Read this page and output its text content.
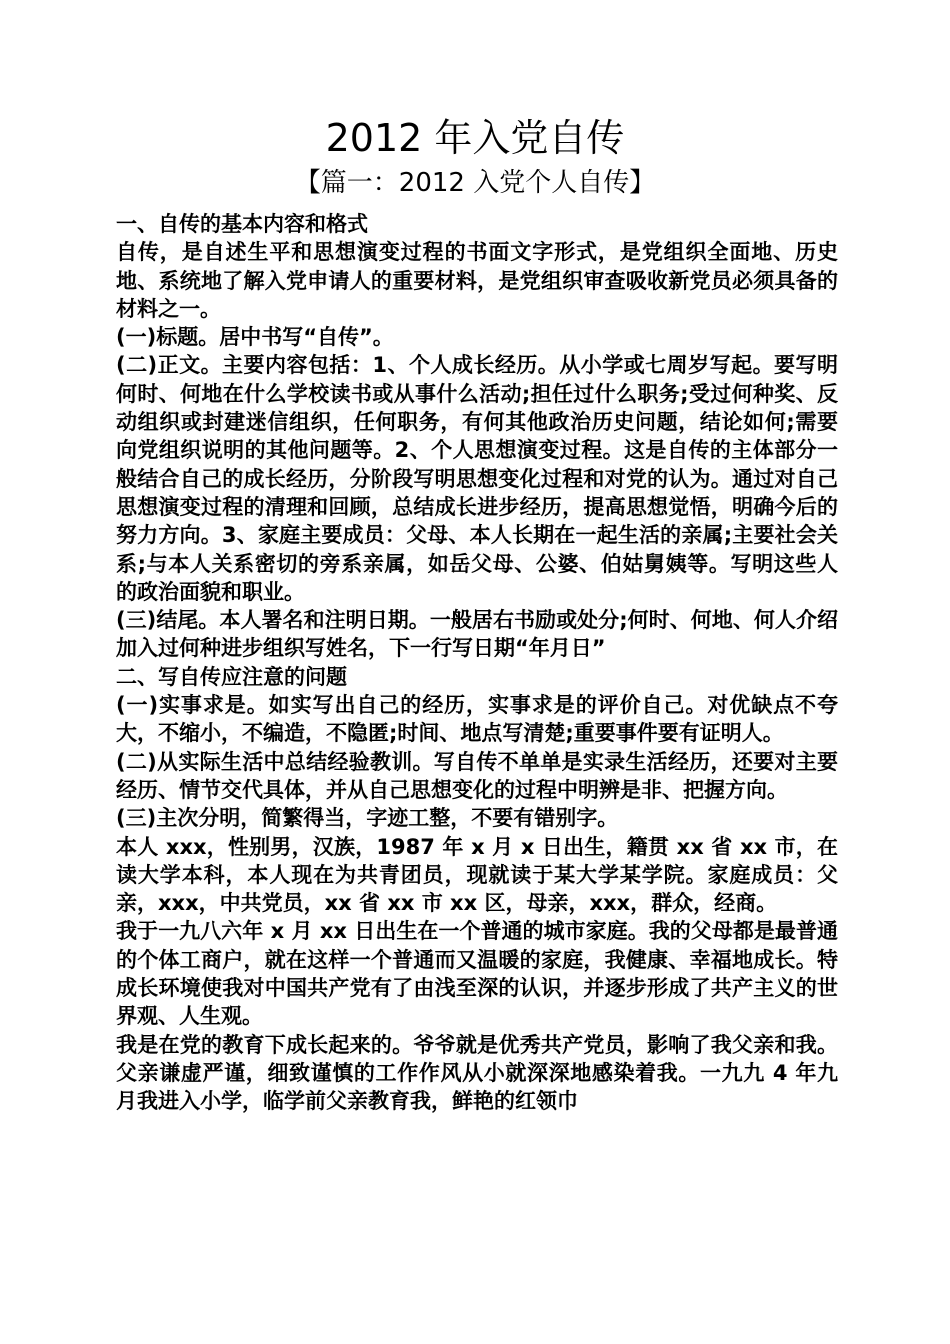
2012 年入党自传
【篇一：2012 入党个人自传】

一、自传的基本内容和格式

自传，是自述生平和思想演变过程的书面文字形式，是党组织全面地、历史地、系统地了解入党申请人的重要材料，是党组织审查吸收新党员必须具备的材料之一。

(一)标题。居中书写“自传”。

(二)正文。主要内容包括：1、个人成长经历。从小学或七周岁写起。要写明何时、何地在什么学校读书或从事什么活动;担任过什么职务;受过何种奖、反动组织或封建迷信组织，任何职务，有何其他政治历史问题，结论如何;需要向党组织说明的其他问题等。2、个人思想演变过程。这是自传的主体部分一般结合自己的成长经历，分阶段写明思想变化过程和对党的认为。通过对自己思想演变过程的清理和回顾，总结成长进步经历，提高思想觉悟，明确今后的努力方向。3、家庭主要成员：父母、本人长期在一起生活的亲属;主要社会关系;与本人关系密切的旁系亲属，如岳父母、公婆、伯姑舅姨等。写明这些人的政治面貌和职业。

(三)结尾。本人署名和注明日期。一般居右书励或处分;何时、何地、何人介绍加入过何种进步组织写姓名，下一行写日期“年月日”

二、写自传应注意的问题

(一)实事求是。如实写出自己的经历，实事求是的评价自己。对优缺点不夸大，不缩小，不编造，不隐匿;时间、地点写清楚;重要事件要有证明人。

(二)从实际生活中总结经验教训。写自传不单单是实录生活经历，还要对主要经历、情节交代具体，并从自己思想变化的过程中明辨是非、把握方向。

(三)主次分明，简繁得当，字迹工整，不要有错别字。

本人 xxx，性别男，汉族，1987 年 x 月 x 日出生，籍贯 xx 省 xx 市，在读大学本科，本人现在为共青团员，现就读于某大学某学院。家庭成员：父亲，xxx，中共党员，xx 省 xx 市 xx 区，母亲，xxx，群众，经商。

我于一九八六年 x 月 xx 日出生在一个普通的城市家庭。我的父母都是最普通的个体工商户，就在这样一个普通而又温暖的家庭，我健康、幸福地成长。特成长环境使我对中国共产党有了由浅至深的认识，并逐步形成了共产主义的世界观、人生观。

我是在党的教育下成长起来的。爷爷就是优秀共产党员，影响了我父亲和我。父亲谦虚严谨，细致谨慎的工作作风从小就深深地感染着我。一九九 4 年九月我进入小学，临学前父亲教育我，鲜艳的红领巾
